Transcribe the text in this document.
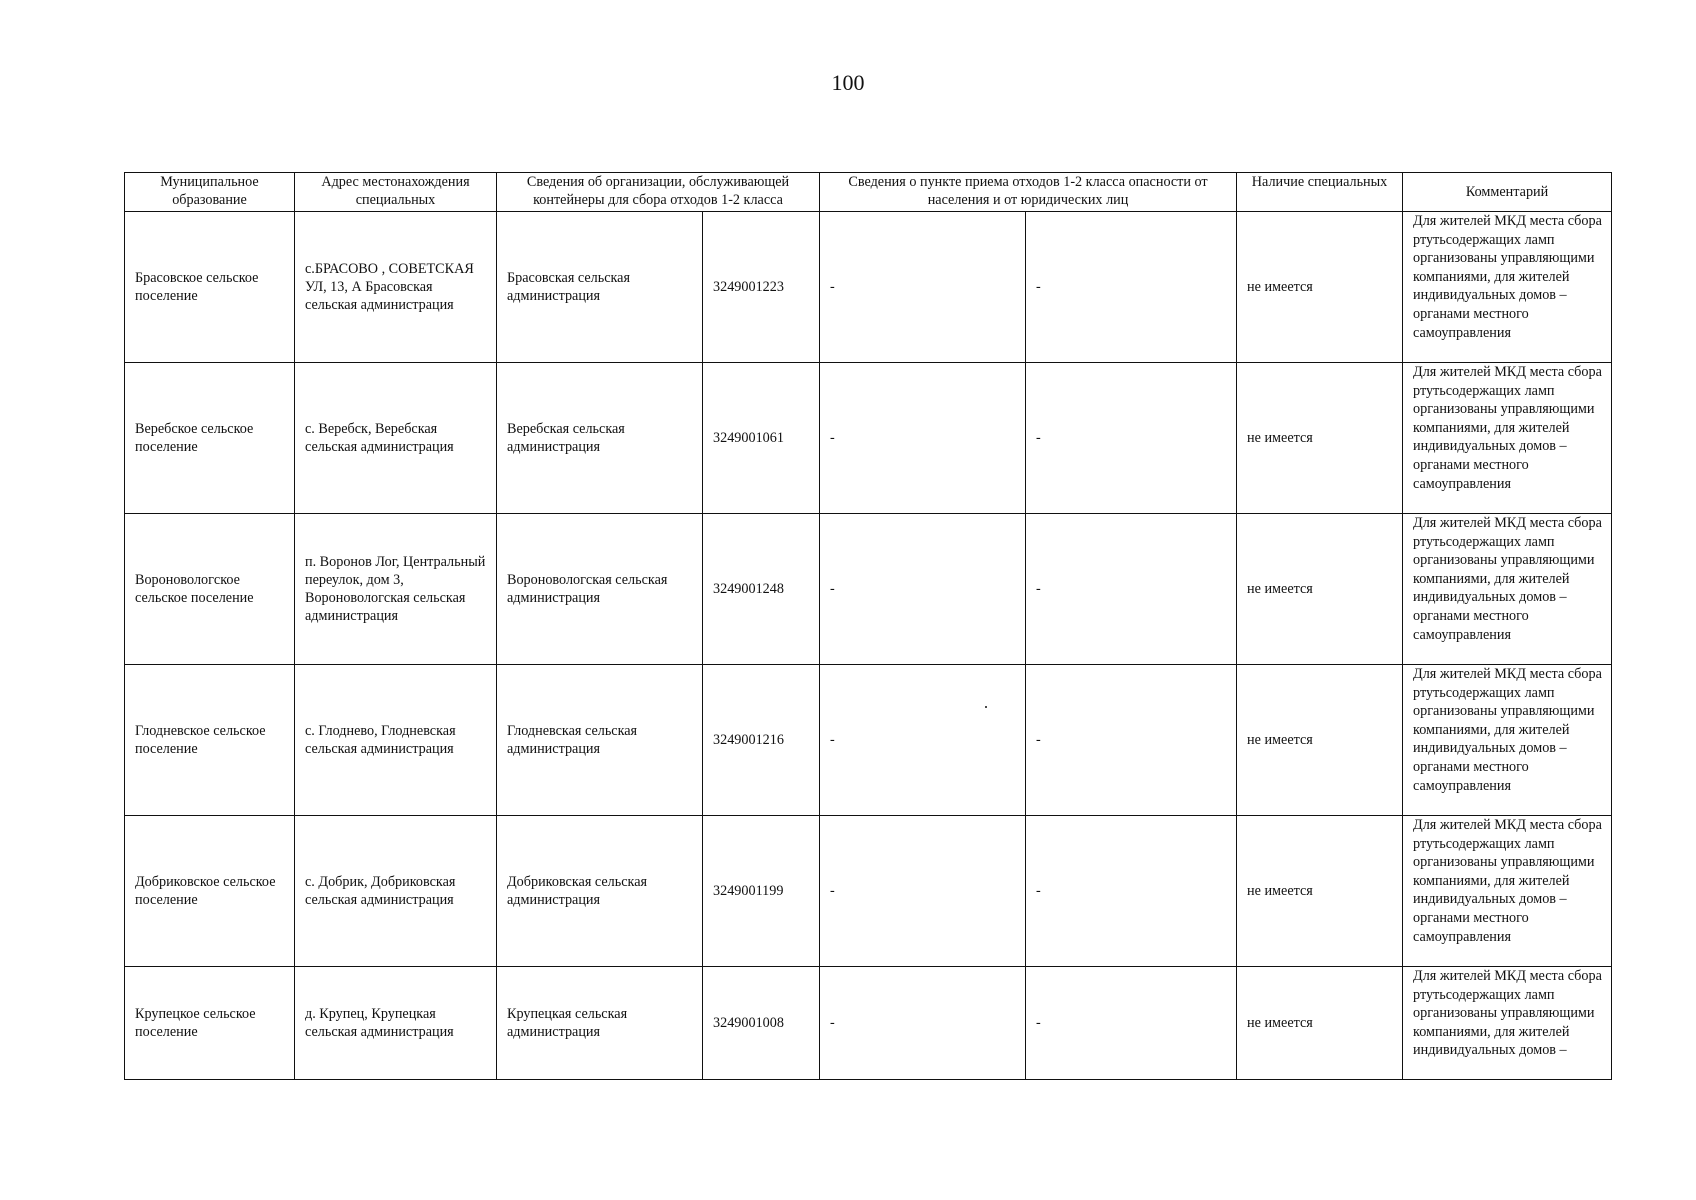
100
Муниципальное образование	Адрес местонахождения специальных	Сведения об организации, обслуживающей контейнеры для сбора отходов 1-2 класса		Сведения о пункте приема отходов 1-2 класса опасности от населения и от юридических лиц		Наличие специальных	Комментарий
Брасовское сельское поселение	с.БРАСОВО , СОВЕТСКАЯ УЛ, 13, А Брасовская сельская администрация	Брасовская сельская администрация	3249001223	-	-	не имеется	Для жителей МКД места сбора ртутьсодержащих ламп организованы управляющими компаниями, для жителей индивидуальных домов – органами местного самоуправления

Веребское сельское поселение	с. Веребск, Веребская сельская администрация	Веребская сельская администрация	3249001061	-	-	не имеется	Для жителей МКД места сбора ртутьсодержащих ламп организованы управляющими компаниями, для жителей индивидуальных домов – органами местного самоуправления

Вороновологское сельское поселение	п. Воронов Лог, Центральный переулок, дом 3, Вороновологская сельская администрация	Вороновологская сельская администрация	3249001248	-	-	не имеется	Для жителей МКД места сбора ртутьсодержащих ламп организованы управляющими компаниями, для жителей индивидуальных домов – органами местного самоуправления

Глодневское сельское поселение	с. Глоднево, Глодневская сельская администрация	Глодневская сельская администрация	3249001216	-	-	не имеется	Для жителей МКД места сбора ртутьсодержащих ламп организованы управляющими компаниями, для жителей индивидуальных домов – органами местного самоуправления

Добриковское сельское поселение	с. Добрик, Добриковская сельская администрация	Добриковская сельская администрация	3249001199	-	-	не имеется	Для жителей МКД места сбора ртутьсодержащих ламп организованы управляющими компаниями, для жителей индивидуальных домов – органами местного самоуправления

Крупецкое сельское поселение	д. Крупец, Крупецкая сельская администрация	Крупецкая сельская администрация	3249001008	-	-	не имеется	Для жителей МКД места сбора ртутьсодержащих ламп организованы управляющими компаниями, для жителей индивидуальных домов –
